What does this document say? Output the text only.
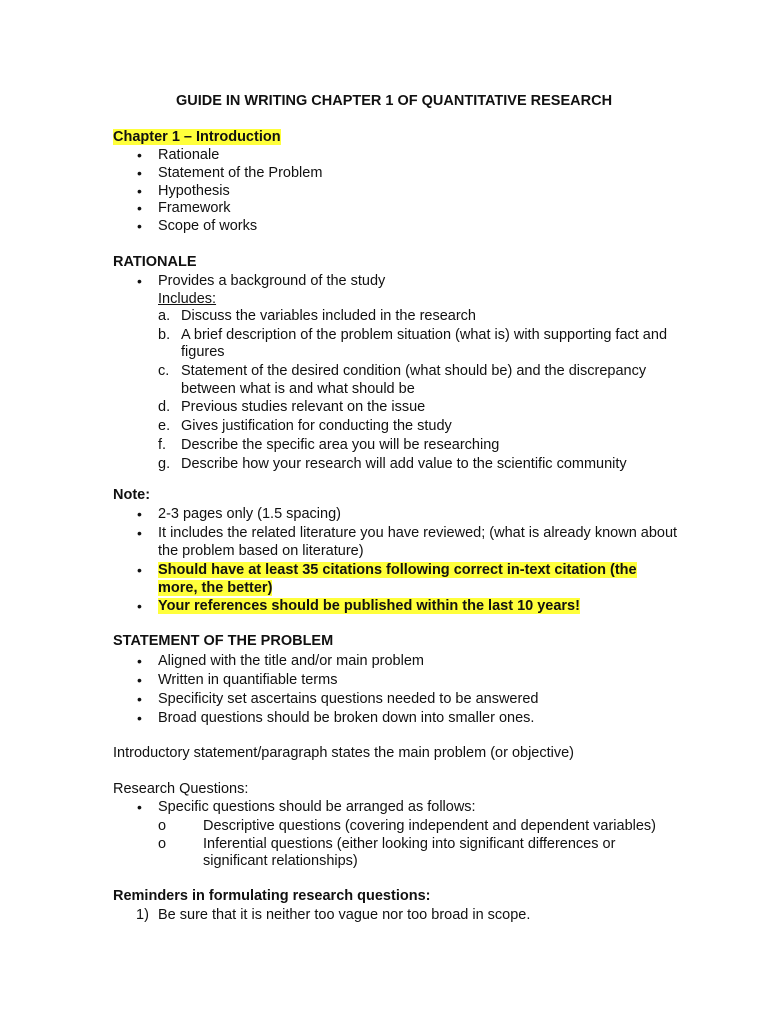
GUIDE IN WRITING CHAPTER 1 OF QUANTITATIVE RESEARCH
Chapter 1 – Introduction
• Rationale
• Statement of the Problem
• Hypothesis
• Framework
• Scope of works
RATIONALE
• Provides a background of the study
Includes:
a. Discuss the variables included in the research
b. A brief description of the problem situation (what is) with supporting fact and
figures
c. Statement of the desired condition (what should be) and the discrepancy
between what is and what should be
d. Previous studies relevant on the issue
e. Gives justification for conducting the study
f. Describe the specific area you will be researching
g. Describe how your research will add value to the scientific community
Note:
• 2-3 pages only (1.5 spacing)
• It includes the related literature you have reviewed; (what is already known about
the problem based on literature)
• Should have at least 35 citations following correct in-text citation (the
more, the better)
• Your references should be published within the last 10 years!
STATEMENT OF THE PROBLEM
• Aligned with the title and/or main problem
• Written in quantifiable terms
• Specificity set ascertains questions needed to be answered
• Broad questions should be broken down into smaller ones.
Introductory statement/paragraph states the main problem (or objective)
Research Questions:
• Specific questions should be arranged as follows:
o	Descriptive questions (covering independent and dependent variables)
o	Inferential questions (either looking into significant differences or
significant relationships)
Reminders in formulating research questions:
1) Be sure that it is neither too vague nor too broad in scope.
